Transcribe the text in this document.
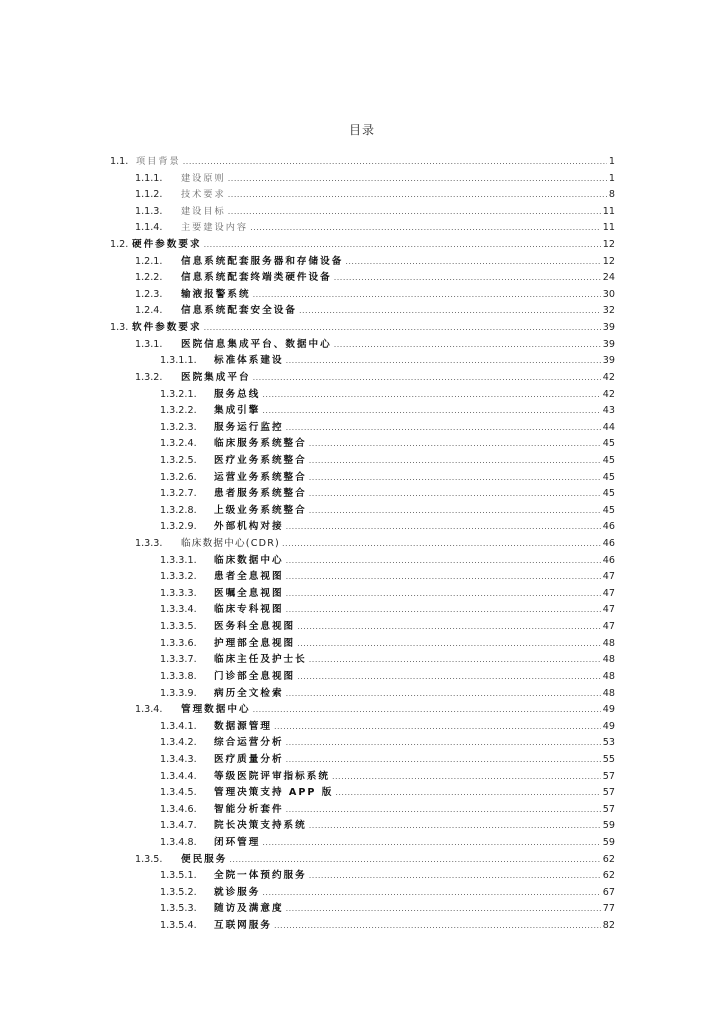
目录
1.1. 项目背景 .....	1
1.1.1.	建设原则 .....	1
1.1.2.	技术要求 .....	8
1.1.3.	建设目标 .....	11
1.1.4.	主要建设内容 .....	11
1.2. 硬件参数要求 .....	12
1.2.1.	信息系统配套服务器和存储设备 .....	12
1.2.2.	信息系统配套终端类硬件设备 .....	24
1.2.3.	输液报警系统 .....	30
1.2.4.	信息系统配套安全设备 .....	32
1.3. 软件参数要求 .....	39
1.3.1.	医院信息集成平台、数据中心 .....	39
1.3.1.1.	标准体系建设 .....	39
1.3.2.	医院集成平台 .....	42
1.3.2.1.	服务总线 .....	42
1.3.2.2.	集成引擎 .....	43
1.3.2.3.	服务运行监控 .....	44
1.3.2.4.	临床服务系统整合 .....	45
1.3.2.5.	医疗业务系统整合 .....	45
1.3.2.6.	运营业务系统整合 .....	45
1.3.2.7.	患者服务系统整合 .....	45
1.3.2.8.	上级业务系统整合 .....	45
1.3.2.9.	外部机构对接 .....	46
1.3.3.	临床数据中心(CDR) .....	46
1.3.3.1.	临床数据中心 .....	46
1.3.3.2.	患者全息视图 .....	47
1.3.3.3.	医嘱全息视图 .....	47
1.3.3.4.	临床专科视图 .....	47
1.3.3.5.	医务科全息视图 .....	47
1.3.3.6.	护理部全息视图 .....	48
1.3.3.7.	临床主任及护士长 .....	48
1.3.3.8.	门诊部全息视图 .....	48
1.3.3.9.	病历全文检索 .....	48
1.3.4.	管理数据中心 .....	49
1.3.4.1.	数据源管理 .....	49
1.3.4.2.	综合运营分析 .....	53
1.3.4.3.	医疗质量分析 .....	55
1.3.4.4.	等级医院评审指标系统 .....	57
1.3.4.5.	管理决策支持 APP 版 .....	57
1.3.4.6.	智能分析套件 .....	57
1.3.4.7.	院长决策支持系统 .....	59
1.3.4.8.	闭环管理 .....	59
1.3.5.	便民服务 .....	62
1.3.5.1.	全院一体预约服务 .....	62
1.3.5.2.	就诊服务 .....	67
1.3.5.3.	随访及满意度 .....	77
1.3.5.4.	互联网服务 .....	82
